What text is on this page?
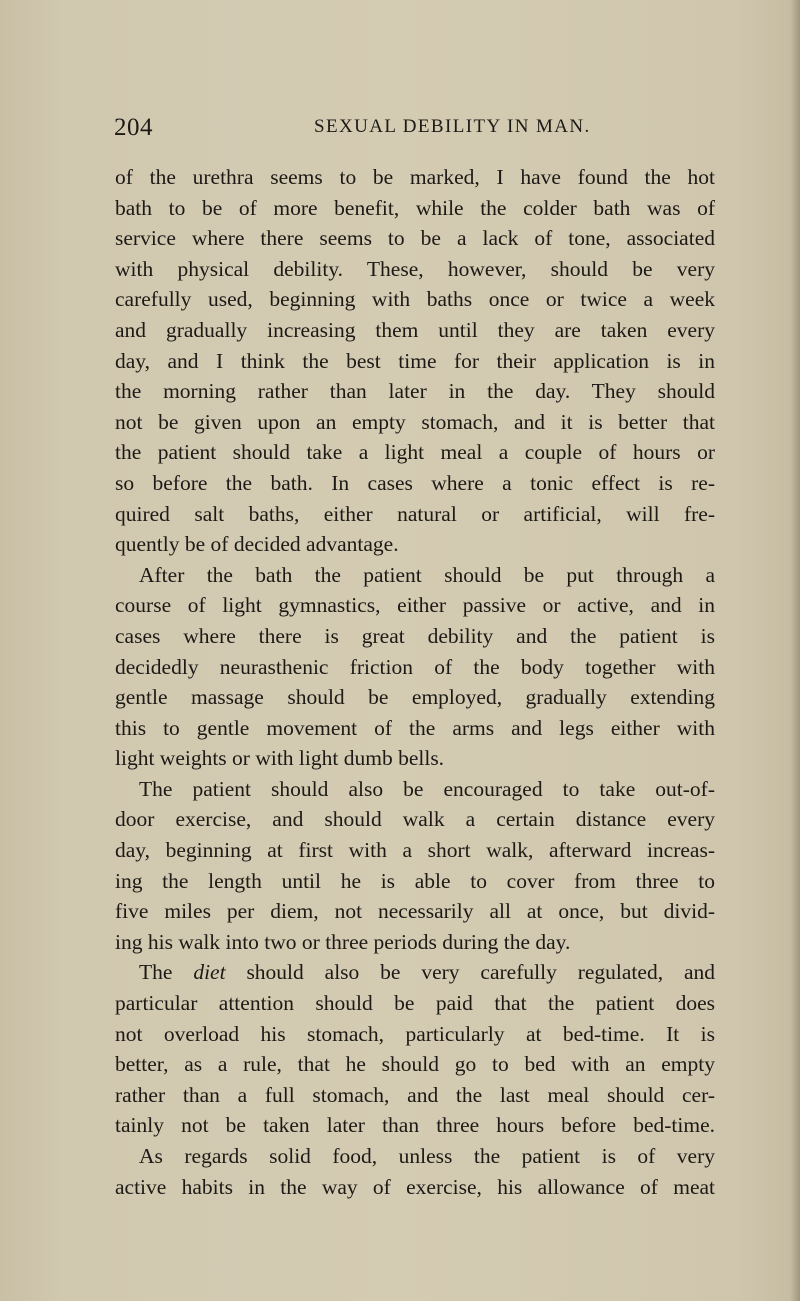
204	SEXUAL DEBILITY IN MAN.
of the urethra seems to be marked, I have found the hot
bath to be of more benefit, while the colder bath was of
service where there seems to be a lack of tone, associated
with physical debility. These, however, should be very
carefully used, beginning with baths once or twice a week
and gradually increasing them until they are taken every
day, and I think the best time for their application is in
the morning rather than later in the day. They should
not be given upon an empty stomach, and it is better that
the patient should take a light meal a couple of hours or
so before the bath. In cases where a tonic effect is re-
quired salt baths, either natural or artificial, will fre-
quently be of decided advantage.
After the bath the patient should be put through a
course of light gymnastics, either passive or active, and in
cases where there is great debility and the patient is
decidedly neurasthenic friction of the body together with
gentle massage should be employed, gradually extending
this to gentle movement of the arms and legs either with
light weights or with light dumb bells.
The patient should also be encouraged to take out-of-
door exercise, and should walk a certain distance every
day, beginning at first with a short walk, afterward increas-
ing the length until he is able to cover from three to
five miles per diem, not necessarily all at once, but divid-
ing his walk into two or three periods during the day.
The diet should also be very carefully regulated, and
particular attention should be paid that the patient does
not overload his stomach, particularly at bed-time. It is
better, as a rule, that he should go to bed with an empty
rather than a full stomach, and the last meal should cer-
tainly not be taken later than three hours before bed-time.
As regards solid food, unless the patient is of very
active habits in the way of exercise, his allowance of meat
